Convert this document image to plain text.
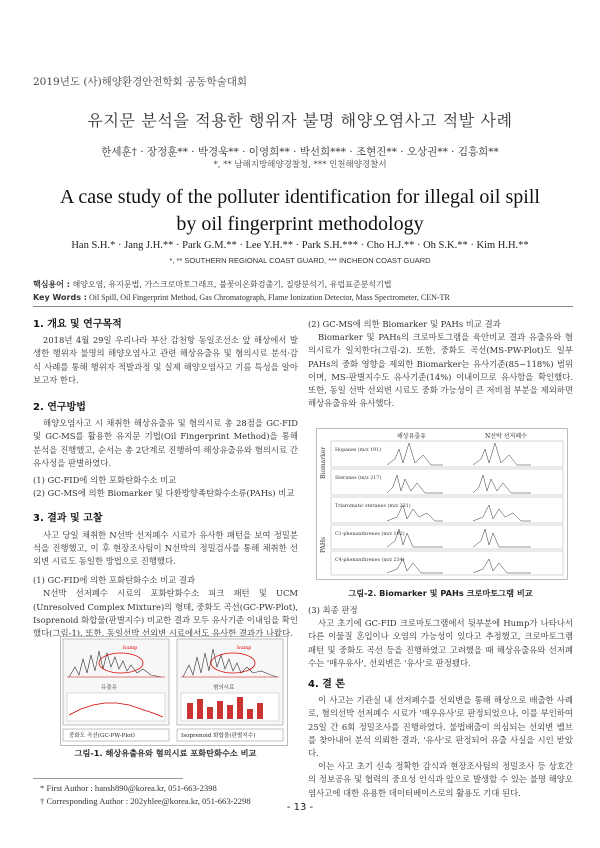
2019년도 (사)해양환경안전학회 공동학술대회
유지문 분석을 적용한 행위자 불명 해양오염사고 적발 사례
한세훈† · 장정훈** · 박경욱** · 이영희** · 박선희*** · 조현진** · 오상권** · 김흥희**
*, ** 남해지방해양경찰청, *** 인천해양경찰서
A case study of the polluter identification for illegal oil spill
by oil fingerprint methodology
Han S.H.* · Jang J.H.** · Park G.M.** · Lee Y.H.** · Park S.H.*** · Cho H.J.** · Oh S.K.** · Kim H.H.**
*, ** SOUTHERN REGIONAL COAST GUARD, *** INCHEON COAST GUARD
핵심용어 : 해양오염, 유지문법, 가스크로마토그래프, 불꽃이온화검출기, 질량분석기, 유럽표준분석기법
Key Words : Oil Spill, Oil Fingerprint Method, Gas Chromatograph, Flame Ionization Detector, Mass Spectrometer, CEN-TR
1. 개요 및 연구목적

2018년 4월 29일 우리나라 부산 감천항 동일조선소 앞 해상에서 발생한 행위자 불명의 해양오염사고 관련 해상유출유 및 혐의시료 분석·감식 사례를 통해 행위자 적발과정 및 실제 해양오염사고 기름 특성을 알아보고자 한다.

2. 연구방법

해양오염사고 시 채취한 해상유출유 및 혐의시료 총 28점을 GC-FID 및 GC-MS를 활용한 유지문 기법(Oil Fingerprint Method)을 통해 분석을 진행했고, 순서는 총 2단계로 진행하여 해상유출유와 혐의시료 간 유사성을 판별하였다.

(1) GC-FID에 의한 포화탄화수소 비교

(2) GC-MS에 의한 Biomarker 및 다환방향족탄화수소류(PAHs) 비교

3. 결과 및 고찰

사고 당일 채취한 N선박 선저폐수 시료가 유사한 패턴을 보여 정밀분석을 진행했고, 이 후 현장조사팀이 N선박의 정밀검사를 통해 채취한 선외변 시료도 동일한 방법으로 진행했다.

(1) GC-FID에 의한 포화탄화수소 비교 결과

N선박 선저폐수 시료의 포화탄화수소 피크 패턴 및 UCM (Unresolved Complex Mixture)의 형태, 중화도 곡선(GC-PW-Plot), Isoprenoid 화합물(판별지수) 비교한 결과 모두 유사기준 이내임을 확인했다(그림-1). 또한, 동일선박 선외변 시료에서도 유사한 결과가 나왔다.

hump
유출유
중화도 곡선(GC-PW-Plot)
hump
혐의시료
Isoprenoid 화합물(판별지수)
그림-1. 해상유출유와 혐의시료 포화탄화수소 비교
* First Author : hansh890@korea.kr, 051-663-2398
† Corresponding Author : 202yhlee@korea.kr, 051-663-2298

(2) GC-MS에 의한 Biomarker 및 PAHs 비교 결과

Biomarker 및 PAHs의 크로마토그램을 육안비교 결과 유출유와 혐의시료가 일치한다(그림-2). 또한, 중화도 곡선(MS-PW-Plot)도 일부 PAHs의 중화 영향을 제외한 Biomarker는 유사기준(85~118%) 범위이며, MS-판별지수도 유사기준(14%) 이내이므로 유사함을 확인했다. 또한, 동일 선박 선외변 시료도 중화 가능성이 큰 저비점 부분을 제외하면 해상유출유와 유사했다.

해상유출유	N선박 선저폐수
Biomarker
PAHs
Hopanes (m/z 191)
Steranes (m/z 217)
Triaromatic steranes (m/z 231)
C1-phenanthrenes (m/z 192)
C4-phenanthrenes (m/z 234)
그림-2. Biomarker 및 PAHs 크로마토그램 비교

(3) 최종 판정

사고 초기에 GC-FID 크로마토그램에서 뒷부분에 Hump가 나타나서 다른 이물질 혼입이나 오염의 가능성이 있다고 추정했고, 크로마토그램 패턴 및 중화도 곡선 등을 진행하였고 고려했을 때 해상유출유와 선저폐수는 '매우유사', 선외변은 '유사'로 판정됐다.

4. 결 론

이 사고는 기관실 내 선저폐수를 선외변을 통해 해상으로 배출한 사례로, 혐의선박 선저폐수 시료가 '매우유사'로 판정되었으나, 이를 부인하여 25일 간 6회 정밀조사를 진행하였다. 불법배출이 의심되는 선외변 밸브를 찾아내어 분석 의뢰한 결과, '유사'로 판정되어 유출 사실을 시인 받았다.

이는 사고 초기 신속 정확한 감식과 현장조사팀의 정밀조사 등 상호간의 정보공유 및 협력의 중요성 인식과 앞으로 발생할 수 있는 불명 해양오염사고에 대한 유용한 데이터베이스로의 활용도 기대 된다.

- 13 -
